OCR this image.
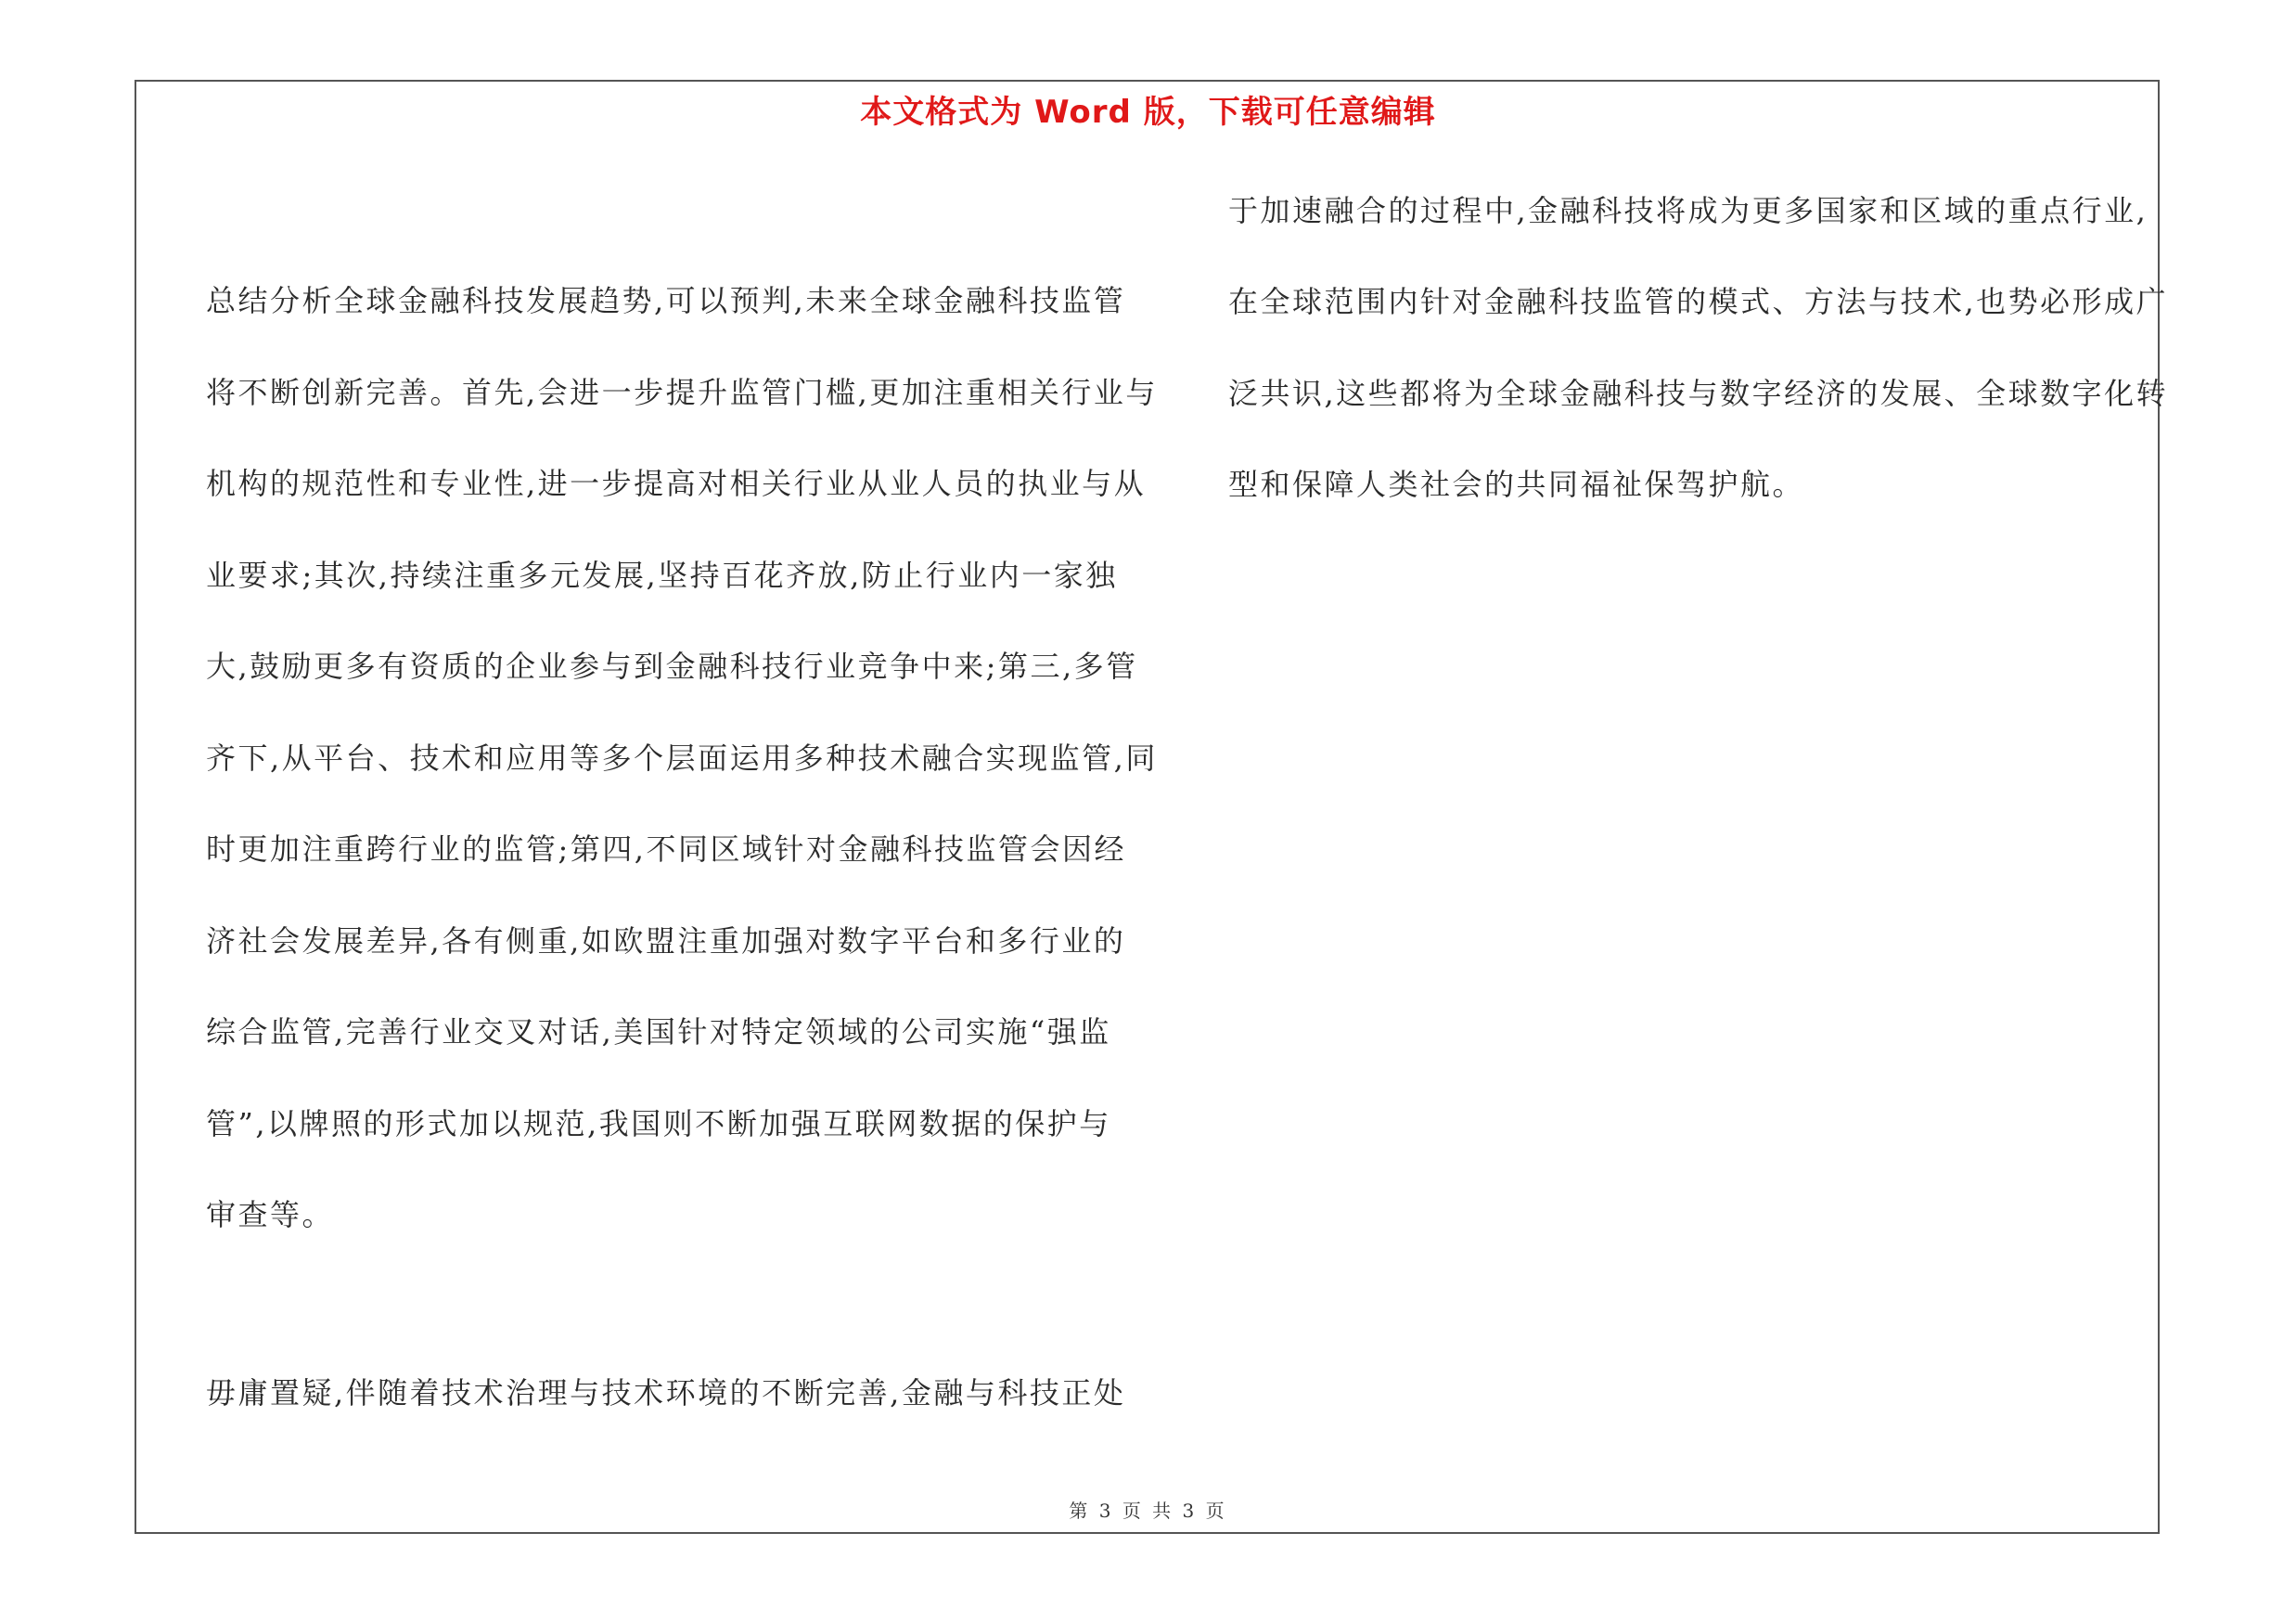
本文格式为 Word 版，下载可任意编辑
总结分析全球金融科技发展趋势,可以预判,未来全球金融科技监管
将不断创新完善。首先,会进一步提升监管门槛,更加注重相关行业与
机构的规范性和专业性,进一步提高对相关行业从业人员的执业与从
业要求;其次,持续注重多元发展,坚持百花齐放,防止行业内一家独
大,鼓励更多有资质的企业参与到金融科技行业竞争中来;第三,多管
齐下,从平台、技术和应用等多个层面运用多种技术融合实现监管,同
时更加注重跨行业的监管;第四,不同区域针对金融科技监管会因经
济社会发展差异,各有侧重,如欧盟注重加强对数字平台和多行业的
综合监管,完善行业交叉对话,美国针对特定领域的公司实施“强监
管”,以牌照的形式加以规范,我国则不断加强互联网数据的保护与
审查等。
毋庸置疑,伴随着技术治理与技术环境的不断完善,金融与科技正处
于加速融合的过程中,金融科技将成为更多国家和区域的重点行业,
在全球范围内针对金融科技监管的模式、方法与技术,也势必形成广
泛共识,这些都将为全球金融科技与数字经济的发展、全球数字化转
型和保障人类社会的共同福祉保驾护航。
第 3 页 共 3 页
